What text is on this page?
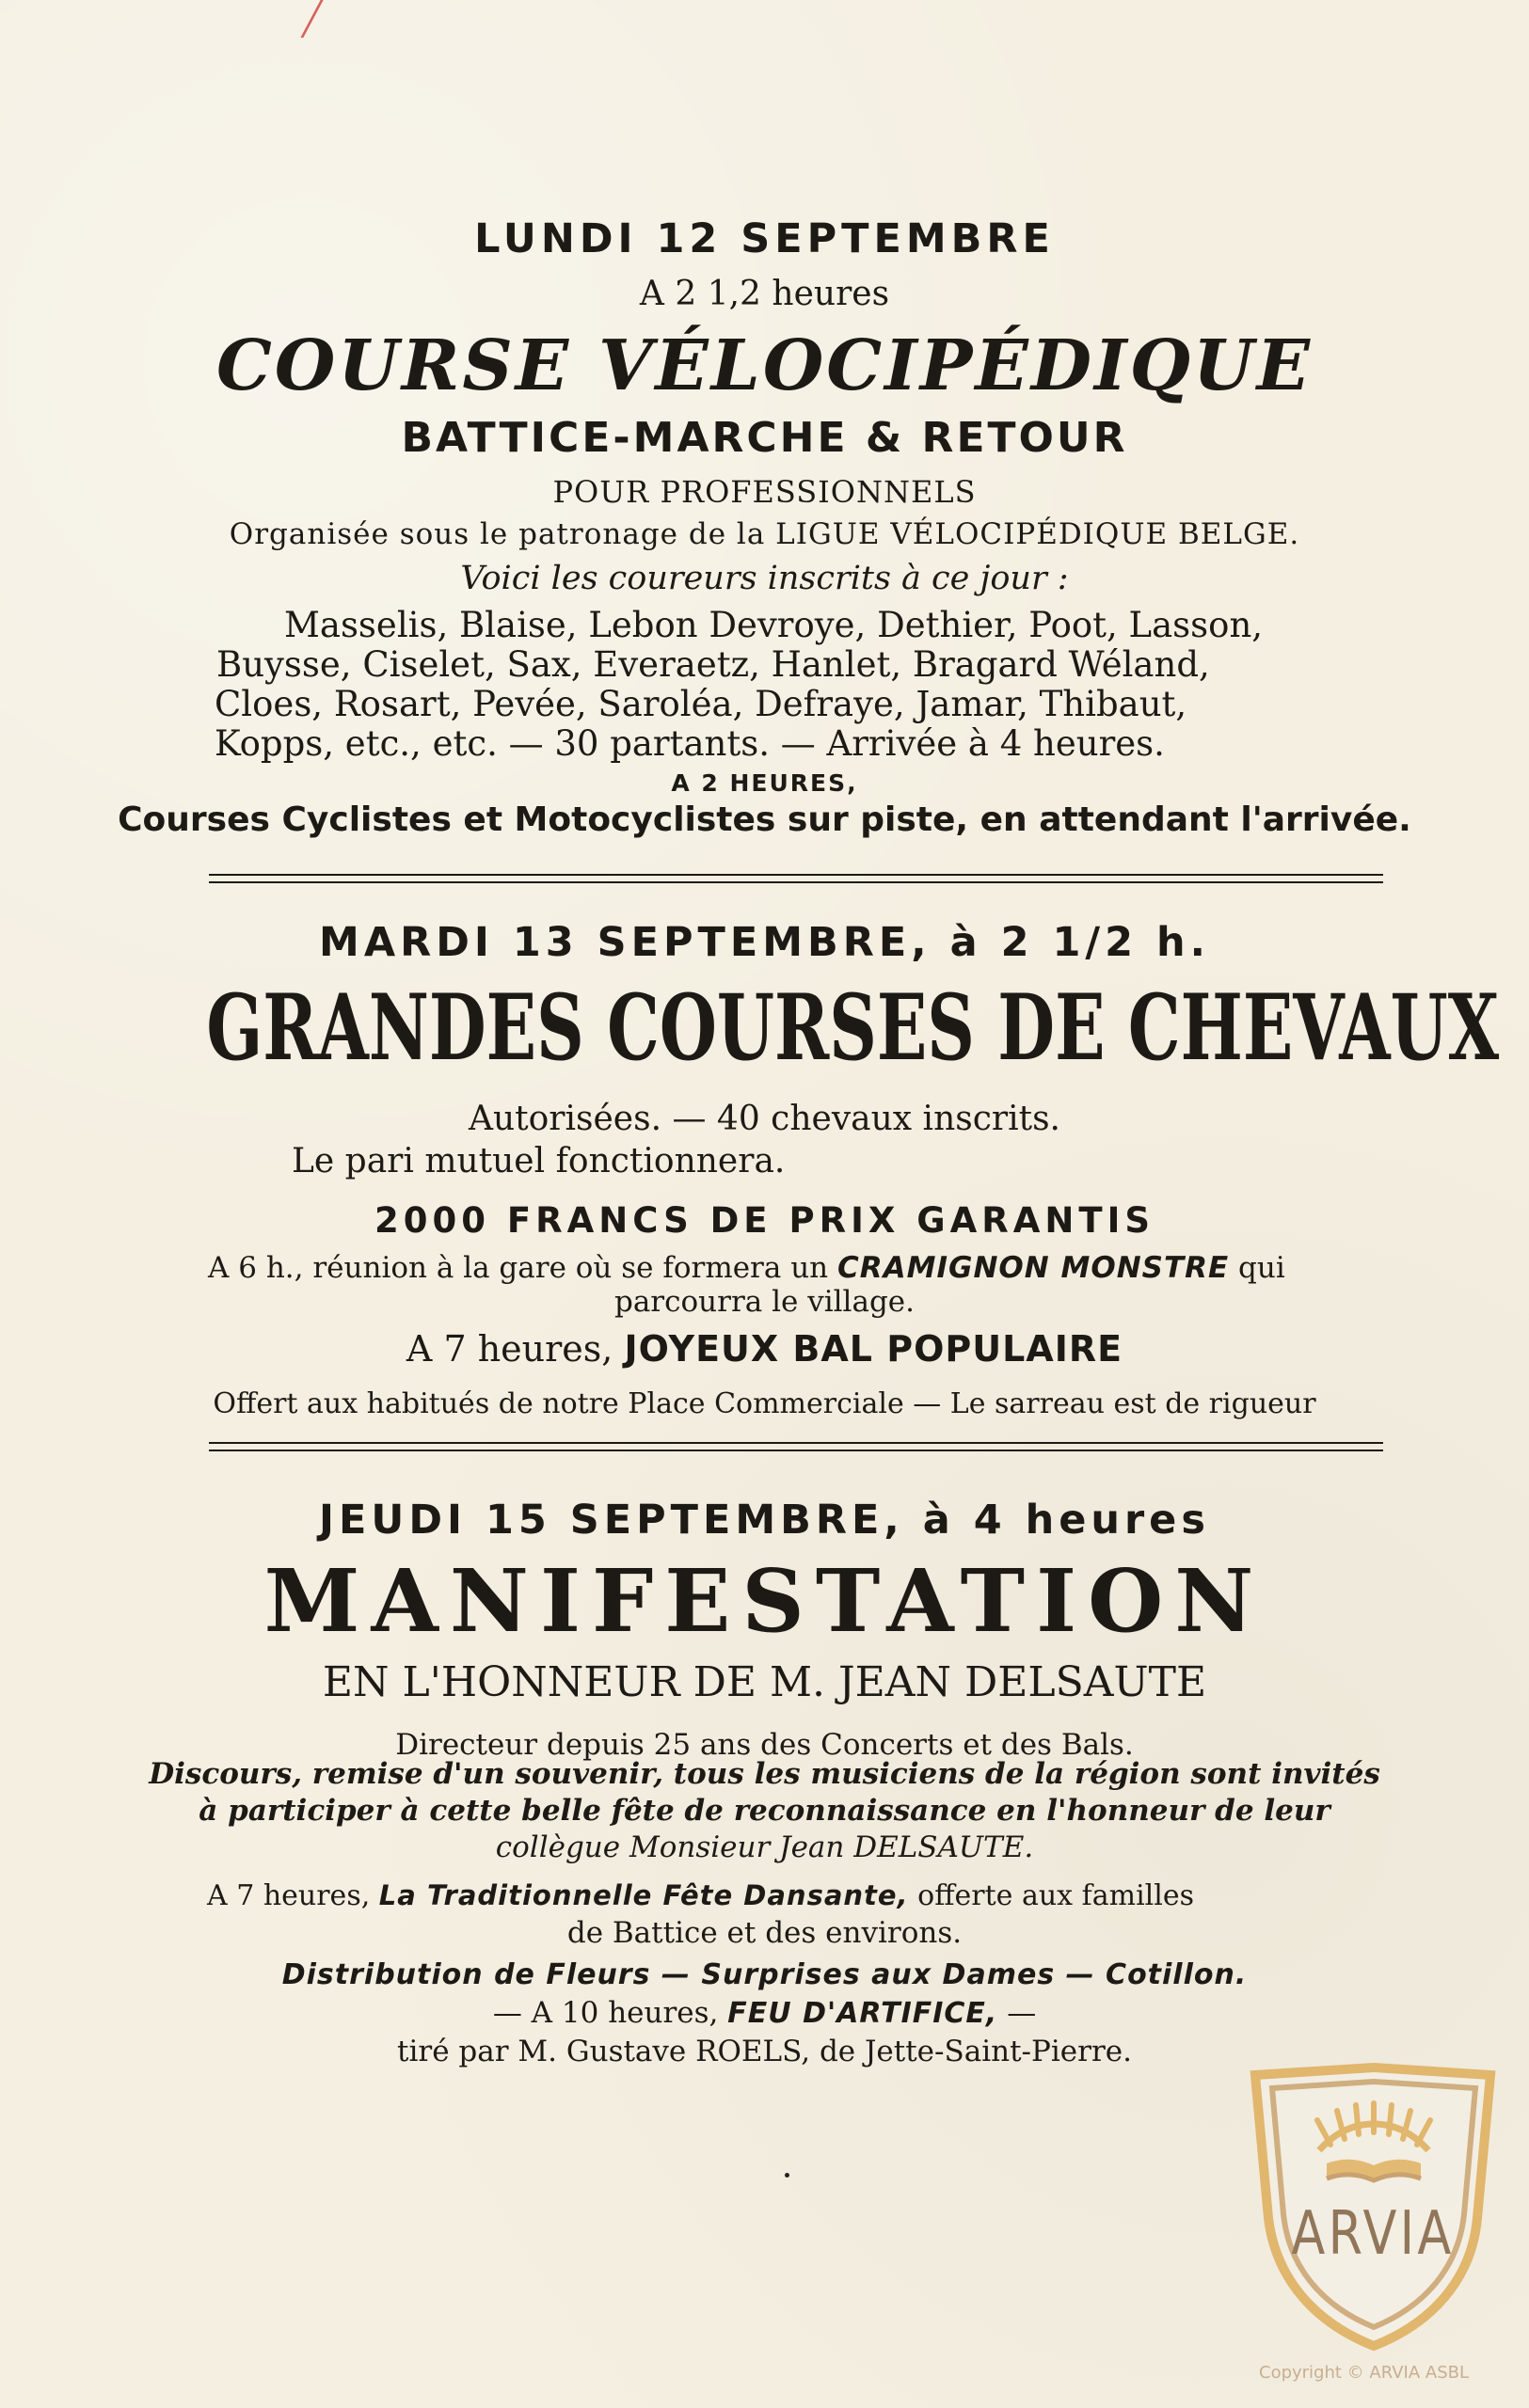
LUNDI 12 SEPTEMBRE
A 2 1,2 heures
COURSE VÉLOCIPÉDIQUE
BATTICE-MARCHE & RETOUR
POUR PROFESSIONNELS
Organisée sous le patronage de la LIGUE VÉLOCIPÉDIQUE BELGE.
Voici les coureurs inscrits à ce jour :
Masselis, Blaise, Lebon Devroye, Dethier, Poot, Lasson,
Buysse, Ciselet, Sax, Everaetz, Hanlet, Bragard Wéland,
Cloes, Rosart, Pevée, Saroléa, Defraye, Jamar, Thibaut,
Kopps, etc., etc. — 30 partants. — Arrivée à 4 heures.
A 2 HEURES,
Courses Cyclistes et Motocyclistes sur piste, en attendant l'arrivée.
MARDI 13 SEPTEMBRE, à 2 1/2 h.
GRANDES COURSES DE CHEVAUX
Autorisées. — 40 chevaux inscrits.
Le pari mutuel fonctionnera.
2000 FRANCS DE PRIX GARANTIS
A 6 h., réunion à la gare où se formera un CRAMIGNON MONSTRE qui
parcourra le village.
A 7 heures, JOYEUX BAL POPULAIRE
Offert aux habitués de notre Place Commerciale — Le sarreau est de rigueur
JEUDI 15 SEPTEMBRE, à 4 heures
MANIFESTATION
EN L'HONNEUR DE M. JEAN DELSAUTE
Directeur depuis 25 ans des Concerts et des Bals.
Discours, remise d'un souvenir, tous les musiciens de la région sont invités
à participer à cette belle fête de reconnaissance en l'honneur de leur
collègue Monsieur Jean DELSAUTE.
A 7 heures, La Traditionnelle Fête Dansante, offerte aux familles
de Battice et des environs.
Distribution de Fleurs — Surprises aux Dames — Cotillon.
— A 10 heures, FEU D'ARTIFICE, —
tiré par M. Gustave ROELS, de Jette-Saint-Pierre.
ARVIA
Copyright © ARVIA ASBL
